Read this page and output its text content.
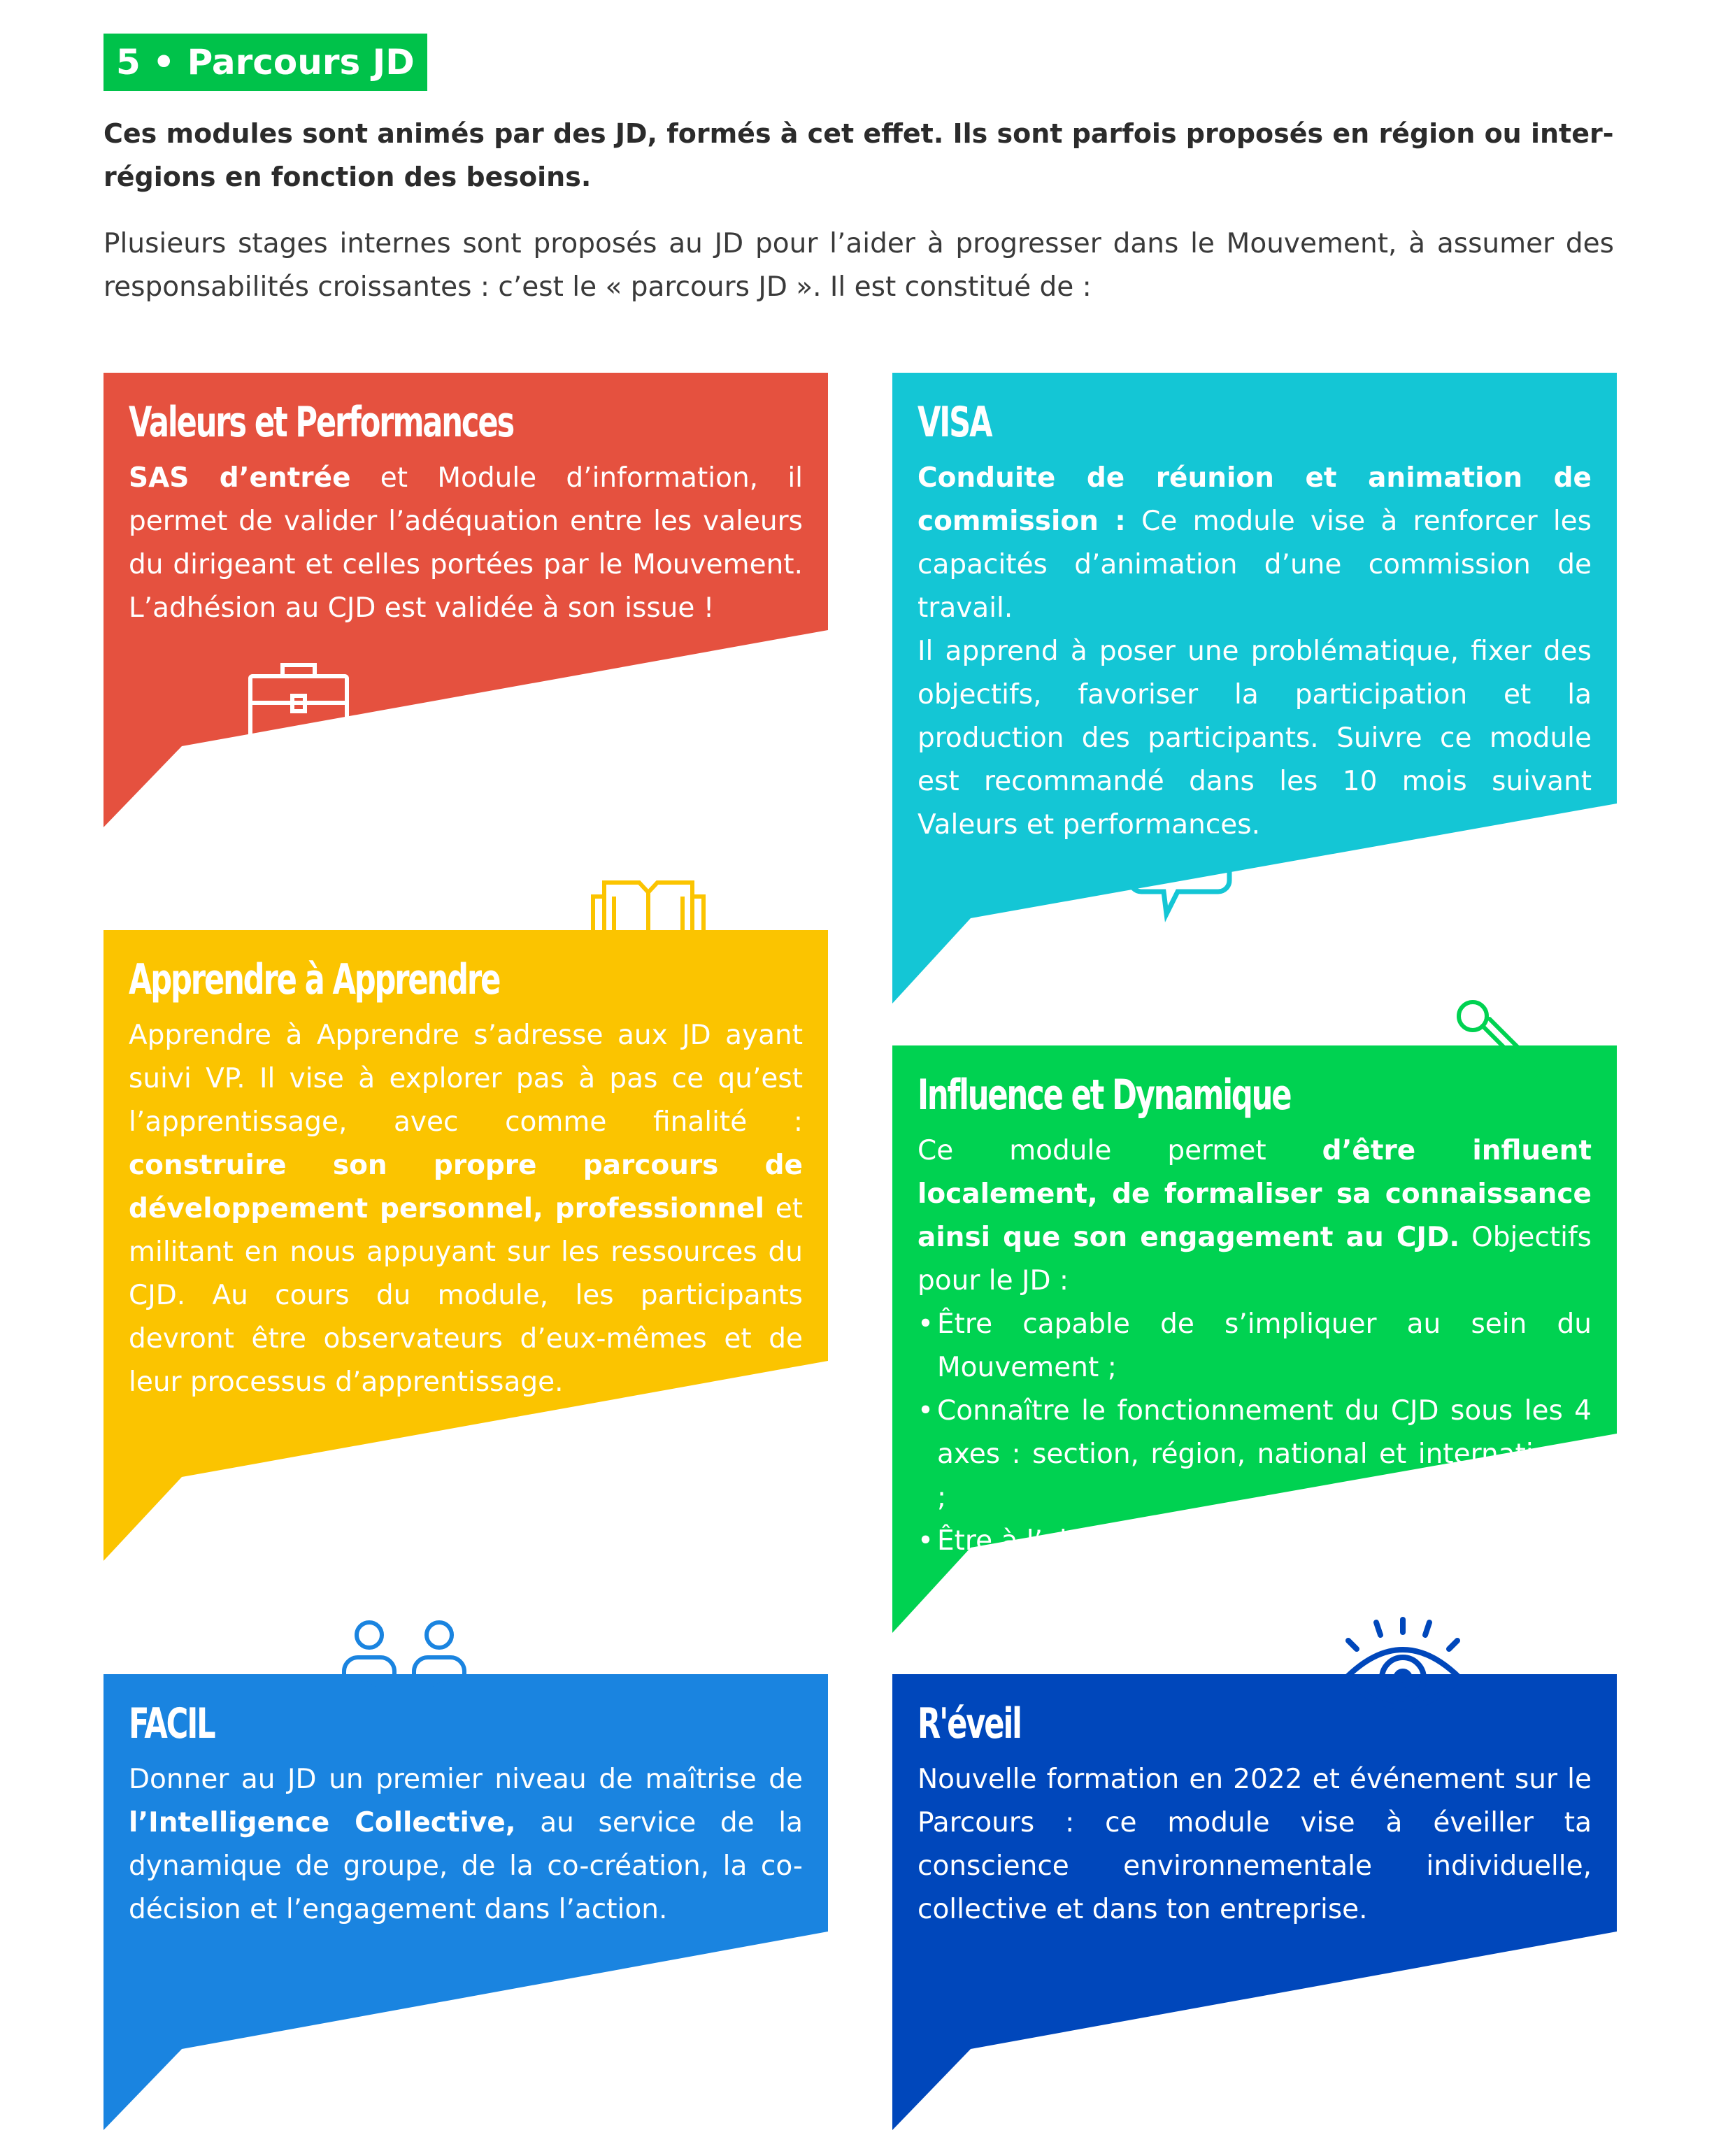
5 • Parcours JD

Ces modules sont animés par des JD, formés à cet effet. Ils sont parfois proposés en région ou inter-régions en fonction des besoins.

Plusieurs stages internes sont proposés au JD pour l’aider à progresser dans le Mouvement, à assumer des responsabilités croissantes : c’est le « parcours JD ». Il est constitué de :

Valeurs et Performances

SAS d’entrée et Module d’information, il permet de valider l’adéquation entre les valeurs du dirigeant et celles portées par le Mouvement. L’adhésion au CJD est validée à son issue !

VISA

Conduite de réunion et animation de commission : Ce module vise à renforcer les capacités d’animation d’une commission de travail.

Il apprend à poser une problématique, fixer des objectifs, favoriser la participation et la production des participants. Suivre ce module est recommandé dans les 10 mois suivant Valeurs et performances.

Apprendre à Apprendre

Apprendre à Apprendre s’adresse aux JD ayant suivi VP. Il vise à explorer pas à pas ce qu’est l’apprentissage, avec comme finalité : construire son propre parcours de développement personnel, professionnel et militant en nous appuyant sur les ressources du CJD. Au cours du module, les participants devront être observateurs d’eux-mêmes et de leur processus d’apprentissage.

Influence et Dynamique

Ce module permet d’être influent localement, de formaliser sa connaissance ainsi que son engagement au CJD. Objectifs pour le JD :

• Être capable de s’impliquer au sein du Mouvement ;
• Connaître le fonctionnement du CJD sous les 4 axes : section, région, national et international ;
• Être à l’aise dans la prise de parole.
FACIL

Donner au JD un premier niveau de maîtrise de l’Intelligence Collective, au service de la dynamique de groupe, de la co-création, la co-décision et l’engagement dans l’action.

R'éveil

Nouvelle formation en 2022 et événement sur le Parcours : ce module vise à éveiller ta conscience environnementale individuelle, collective et dans ton entreprise.
